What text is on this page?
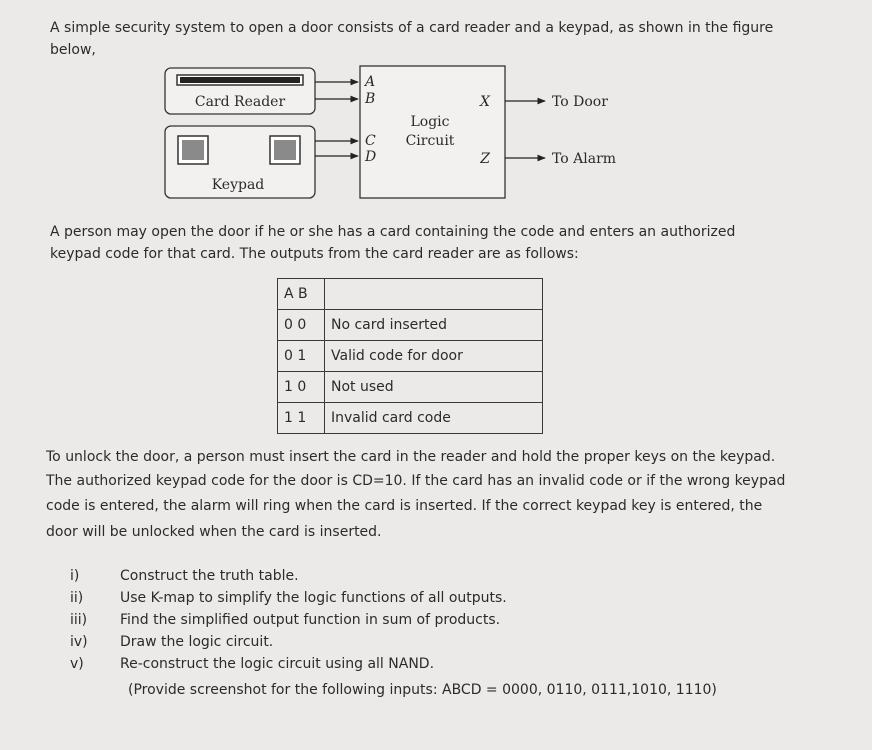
A simple security system to open a door consists of a card reader and a keypad, as shown in the figure
below,
Card Reader
Keypad
Logic
Circuit
A
B
C
D
X
Z
To Door
To Alarm
A person may open the door if he or she has a card containing the code and enters an authorized
keypad code for that card. The outputs from the card reader are as follows:
A B	
0 0	No card inserted
0 1	Valid code for door
1 0	Not used
1 1	Invalid card code
To unlock the door, a person must insert the card in the reader and hold the proper keys on the keypad.
The authorized keypad code for the door is CD=10. If the card has an invalid code or if the wrong keypad
code is entered, the alarm will ring when the card is inserted. If the correct keypad key is entered, the
door will be unlocked when the card is inserted.
i)	Construct the truth table.
ii)	Use K-map to simplify the logic functions of all outputs.
iii)	Find the simplified output function in sum of products.
iv)	Draw the logic circuit.
v)	Re-construct the logic circuit using all NAND.
(Provide screenshot for the following inputs: ABCD = 0000, 0110, 0111,1010, 1110)
